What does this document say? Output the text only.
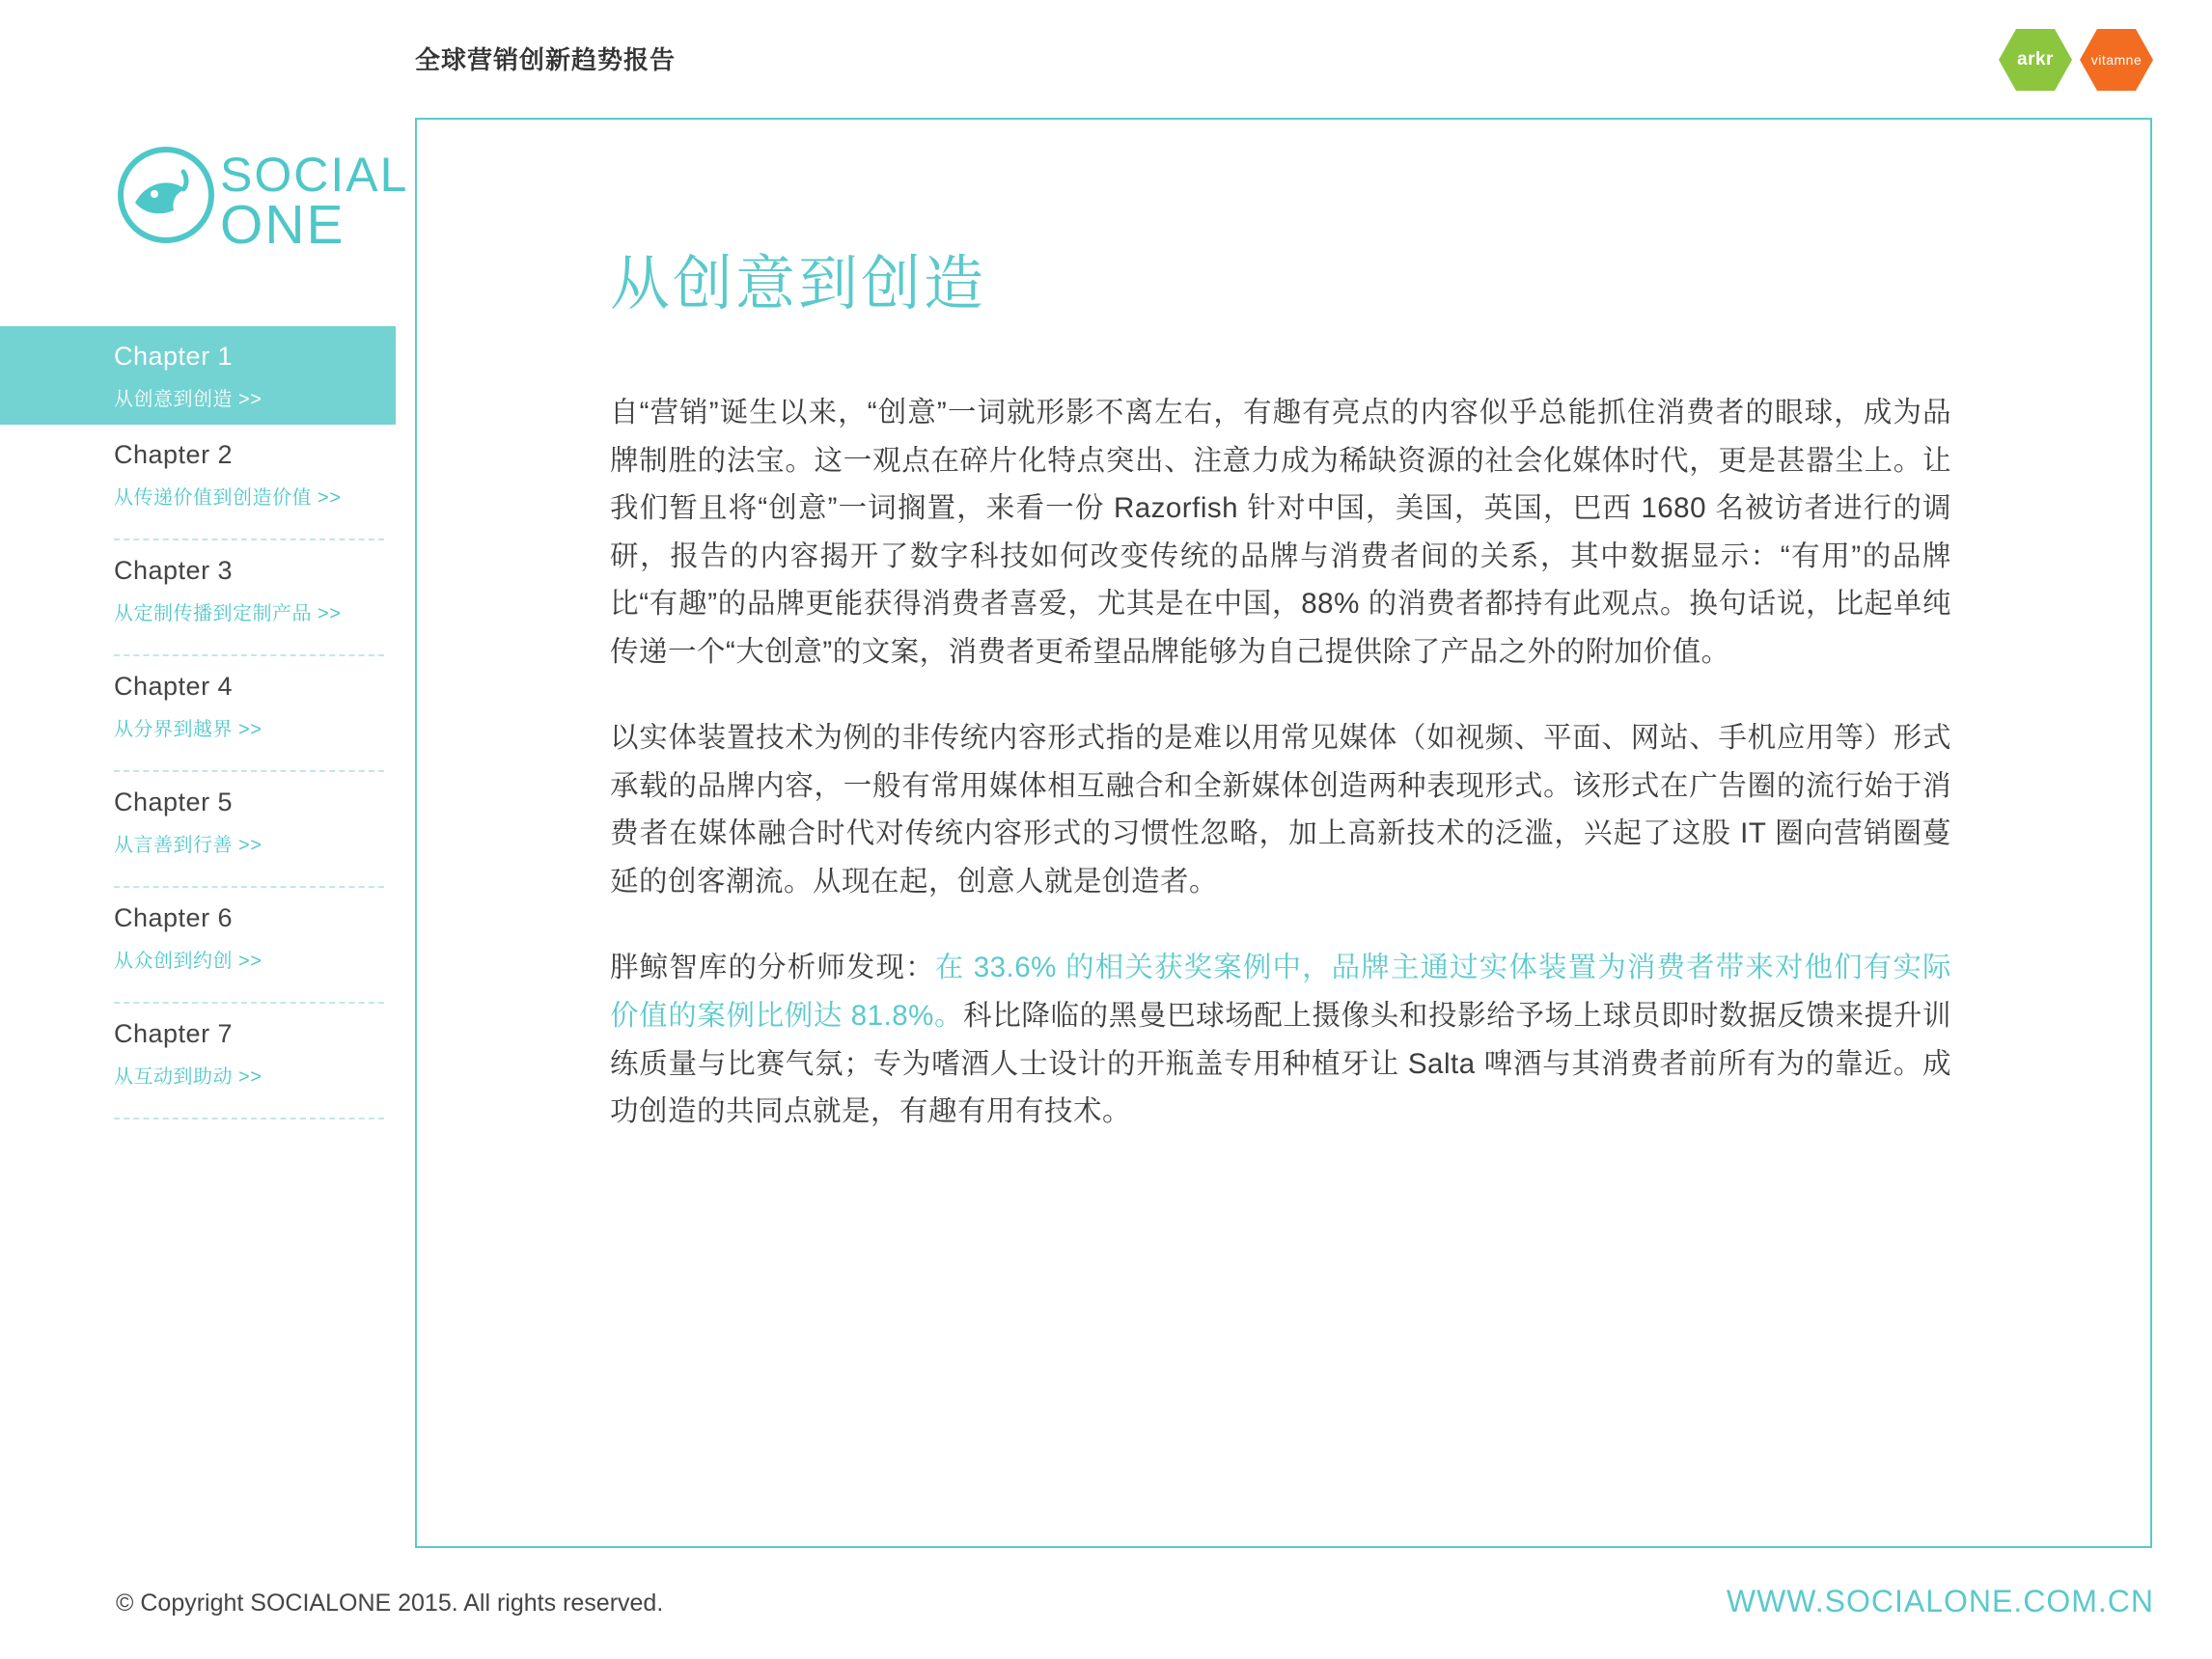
全球营销创新趋势报告	arkr	vitamne
SOCIAL
ONE
Chapter 1
从创意到创造 >>
Chapter 2
从传递价值到创造价值 >>
Chapter 3
从定制传播到定制产品 >>
Chapter 4
从分界到越界 >>
Chapter 5
从言善到行善 >>
Chapter 6
从众创到约创 >>
Chapter 7
从互动到助动 >>
从创意到创造

自“营销”诞生以来，“创意”一词就形影不离左右，有趣有亮点的内容似乎总能抓住消费者的眼球，成为品牌制胜的法宝。这一观点在碎片化特点突出、注意力成为稀缺资源的社会化媒体时代，更是甚嚣尘上。让我们暂且将“创意”一词搁置，来看一份 Razorfish 针对中国，美国，英国，巴西 1680 名被访者进行的调研，报告的内容揭开了数字科技如何改变传统的品牌与消费者间的关系，其中数据显示：“有用”的品牌比“有趣”的品牌更能获得消费者喜爱，尤其是在中国，88% 的消费者都持有此观点。换句话说，比起单纯传递一个“大创意”的文案，消费者更希望品牌能够为自己提供除了产品之外的附加价值。

以实体装置技术为例的非传统内容形式指的是难以用常见媒体（如视频、平面、网站、手机应用等）形式承载的品牌内容，一般有常用媒体相互融合和全新媒体创造两种表现形式。该形式在广告圈的流行始于消费者在媒体融合时代对传统内容形式的习惯性忽略，加上高新技术的泛滥，兴起了这股 IT 圈向营销圈蔓延的创客潮流。从现在起，创意人就是创造者。

胖鲸智库的分析师发现：在 33.6% 的相关获奖案例中，品牌主通过实体装置为消费者带来对他们有实际价值的案例比例达 81.8%。科比降临的黑曼巴球场配上摄像头和投影给予场上球员即时数据反馈来提升训练质量与比赛气氛；专为嗜酒人士设计的开瓶盖专用种植牙让 Salta 啤酒与其消费者前所有为的靠近。成功创造的共同点就是，有趣有用有技术。

© Copyright SOCIALONE 2015. All rights reserved.	WWW.SOCIALONE.COM.CN
